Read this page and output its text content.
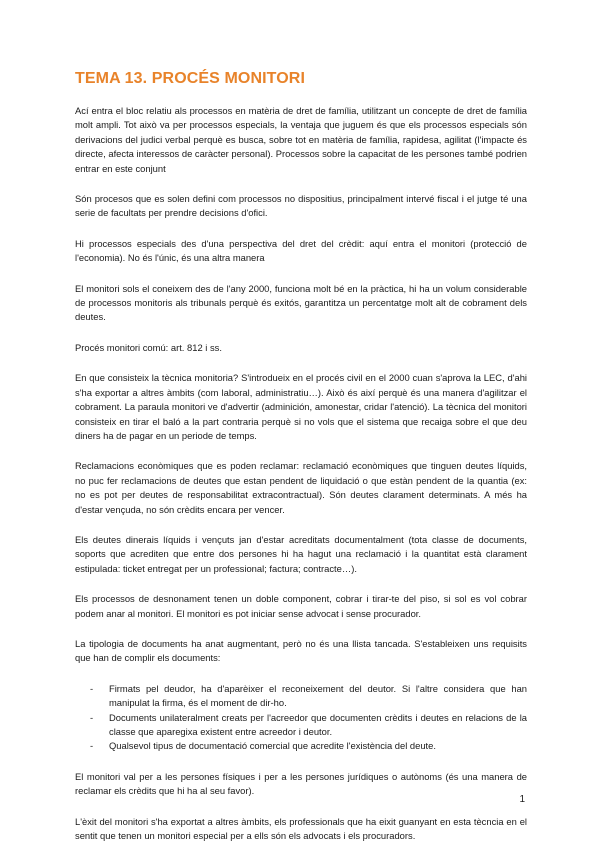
TEMA 13. PROCÉS MONITORI

Ací entra el bloc relatiu als processos en matèria de dret de família, utilitzant un concepte de dret de família molt ampli. Tot això va per processos especials, la ventaja que juguem és que els processos especials són derivacions del judici verbal perquè es busca, sobre tot en matèria de família, rapidesa, agilitat (l'impacte és directe, afecta interessos de caràcter personal). Processos sobre la capacitat de les persones també podrien entrar en este conjunt

Són procesos que es solen defini com processos no dispositius, principalment intervé fiscal i el jutge té una serie de facultats per prendre decisions d'ofici.

Hi processos especials des d'una perspectiva del dret del crèdit: aquí entra el monitori (protecció de l'economia). No és l'únic, és una altra manera

El monitori sols el coneixem des de l'any 2000, funciona molt bé en la pràctica, hi ha un volum considerable de processos monitoris als tribunals perquè és exitós, garantitza un percentatge molt alt de cobrament dels deutes.

Procés monitori comú: art. 812 i ss.

En que consisteix la tècnica monitoria? S'introdueix en el procés civil en el 2000 cuan s'aprova la LEC, d'ahi s'ha exportar a altres àmbits (com laboral, administratiu…). Això és així perquè és una manera d'agilitzar el cobrament. La paraula monitori ve d'advertir (adminición, amonestar, cridar l'atenció). La tècnica del monitori consisteix en tirar el baló a la part contraria perquè si no vols que el sistema que recaiga sobre el que deu diners ha de pagar en un periode de temps.

Reclamacions econòmiques que es poden reclamar: reclamació econòmiques que tinguen deutes líquids, no puc fer reclamacions de deutes que estan pendent de liquidació o que estàn pendent de la quantia (ex: no es pot per deutes de responsabilitat extracontractual). Són deutes clarament determinats. A més ha d'estar vençuda, no són crèdits encara per vencer.

Els deutes dinerais líquids i vençuts jan d'estar acreditats documentalment (tota classe de documents, soports que acrediten que entre dos persones hi ha hagut una reclamació i la quantitat està clarament estipulada: ticket entregat per un professional; factura; contracte…).

Els processos de desnonament tenen un doble component, cobrar i tirar-te del piso, si sol es vol cobrar podem anar al monitori. El monitori es pot iniciar sense advocat i sense procurador.

La tipologia de documents ha anat augmentant, però no és una llista tancada. S'estableixen uns requisits que han de complir els documents:

- Firmats pel deudor, ha d'aparèixer el reconeixement del deutor. Si l'altre considera que han manipulat la firma, és el moment de dir-ho.
- Documents unilateralment creats per l'acreedor que documenten crèdits i deutes en relacions de la classe que aparegixa existent entre acreedor i deutor.
- Qualsevol tipus de documentació comercial que acredite l'existència del deute.

El monitori val per a les persones físiques i per a les persones jurídiques o autònoms (és una manera de reclamar els crèdits que hi ha al seu favor).

L'èxit del monitori s'ha exportat a altres àmbits, els professionals que ha eixit guanyant en esta tècncia en el sentit que tenen un monitori especial per a ells són els advocats i els procuradors.

1
